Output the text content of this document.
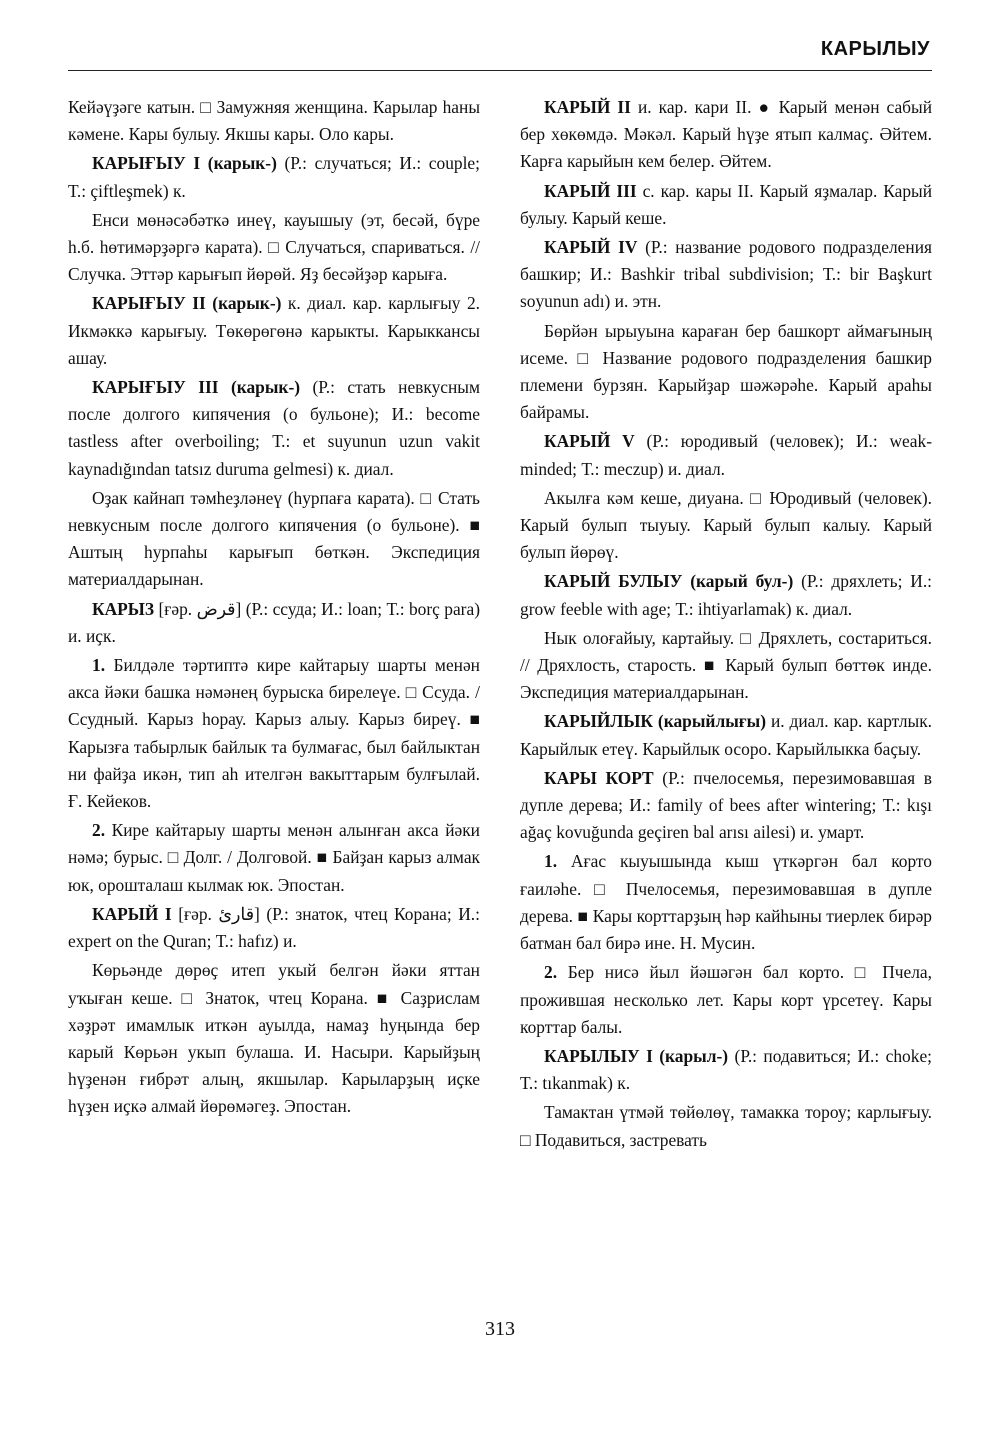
КАРЫЛЫУ

Кейәүҙәге катын. □ Замужняя женщина. Карылар һаны кәмене. Кары булыу. Якшы кары. Оло кары.

КАРЫҒЫУ I (карык-) (Р.: случаться; И.: couple; Т.: çiftleşmek) к.

Енси мөнәсәбәткә инеү, кауышыу (эт, бесәй, бүре h.б. hөтимәрҙәргә карата). □ Случаться, спариваться. // Случка. Эттәр карығып йөрөй. Яҙ бесәйҙәр карыға.

КАРЫҒЫУ II (карык-) к. диал. кар. карлығыу 2. Икмәккә карығыу. Төкөрөгөнә карыкты. Карыккансы ашау.

КАРЫҒЫУ III (карык-) (Р.: стать невкусным после долгого кипячения (о бульоне); И.: become tastless after overboiling; Т.: et suyunun uzun vakit kaynadığından tatsız duruma gelmesi) к. диал.

Оҙак кайнап тәмһеҙләнеү (һурпаға карата). □ Стать невкусным после долгого кипячения (о бульоне). ■ Аштың һурпаһы карығып бөткән. Экспедиция материалдарынан.

КАРЫЗ [ғәр. قرض] (Р.: ссуда; И.: loan; Т.: borç para) и. иҫк.

1. Билдәле тәртиптә кире кайтарыу шарты менән акса йәки башка нәмәнең бурыска бирелеүе. □ Ссуда. / Ссудный. Карыз һорау. Карыз алыу. Карыз биреү. ■ Карызға табырлык байлык та булмағас, был байлыктан ни файҙа икән, тип аһ ителгән вакыттарым булғылай. Ғ. Кейеков.

2. Кире кайтарыу шарты менән алынған акса йәки нәмә; бурыс. □ Долг. / Долговой. ■ Байҙан карыз алмак юк, орошталаш кылмак юк. Эпостан.

КАРЫЙ I [ғәр. قارئ] (Р.: знаток, чтец Корана; И.: expert on the Quran; Т.: hafız) и.

Көрьәнде дөрөҫ итеп укый белгән йәки яттан уҡыған кеше. □ Знаток, чтец Корана. ■ Саҙрислам хәҙрәт имамлык иткән ауылда, намаҙ һуңында бер карый Көрьән укып булаша. И. Насыри. Карыйҙың һүҙенән ғибрәт алың, якшылар. Карыларҙың иҫке һүҙен иҫкә алмай йөрөмәгеҙ. Эпостан.

КАРЫЙ II и. кар. кари II. ● Карый менән сабый бер хөкөмдә. Мәкәл. Карый һүҙе ятып калмаҫ. Әйтем. Карға карыйын кем белер. Әйтем.

КАРЫЙ III с. кар. кары II. Карый яҙмалар. Карый булыу. Карый кеше.

КАРЫЙ IV (Р.: название родового подразделения башкир; И.: Bashkir tribal subdivision; Т.: bir Başkurt soyunun adı) и. этн.

Бөрйән ырыуына караған бер башкорт аймағының исеме. □ Название родового подразделения башкир племени бурзян. Карыйҙар шәжәрәһе. Карый араһы байрамы.

КАРЫЙ V (Р.: юродивый (человек); И.: weak-minded; Т.: meczup) и. диал.

Акылға кәм кеше, диуана. □ Юродивый (человек). Карый булып тыуыу. Карый булып калыу. Карый булып йөрөү.

КАРЫЙ БУЛЫУ (карый бул-) (Р.: дряхлеть; И.: grow feeble with age; Т.: ihtiyarlamak) к. диал.

Нык олоғайыу, картайыу. □ Дряхлеть, состариться. // Дряхлость, старость. ■ Карый булып бөттөк инде. Экспедиция материалдарынан.

КАРЫЙЛЫК (карыйлығы) и. диал. кар. картлык. Карыйлык етеү. Карыйлык осоро. Карыйлыкка баҫыу.

КАРЫ КОРТ (Р.: пчелосемья, перезимовавшая в дупле дерева; И.: family of bees after wintering; Т.: kışı ağaç kovuğunda geçiren bal arısı ailesi) и. умарт.

1. Ағас кыуышында кыш үткәргән бал корто ғаиләһе. □ Пчелосемья, перезимовавшая в дупле дерева. ■ Кары корттарҙың һәр кайһыны тиерлек бирәр батман бал бирә ине. Н. Мусин.

2. Бер нисә йыл йәшәгән бал корто. □ Пчела, прожившая несколько лет. Кары корт үрсетеү. Кары корттар балы.

КАРЫЛЫУ I (карыл-) (Р.: подавиться; И.: choke; Т.: tıkanmak) к.

Тамактан үтмәй төйөлөү, тамакка тороу; карлығыу. □ Подавиться, застревать

313
